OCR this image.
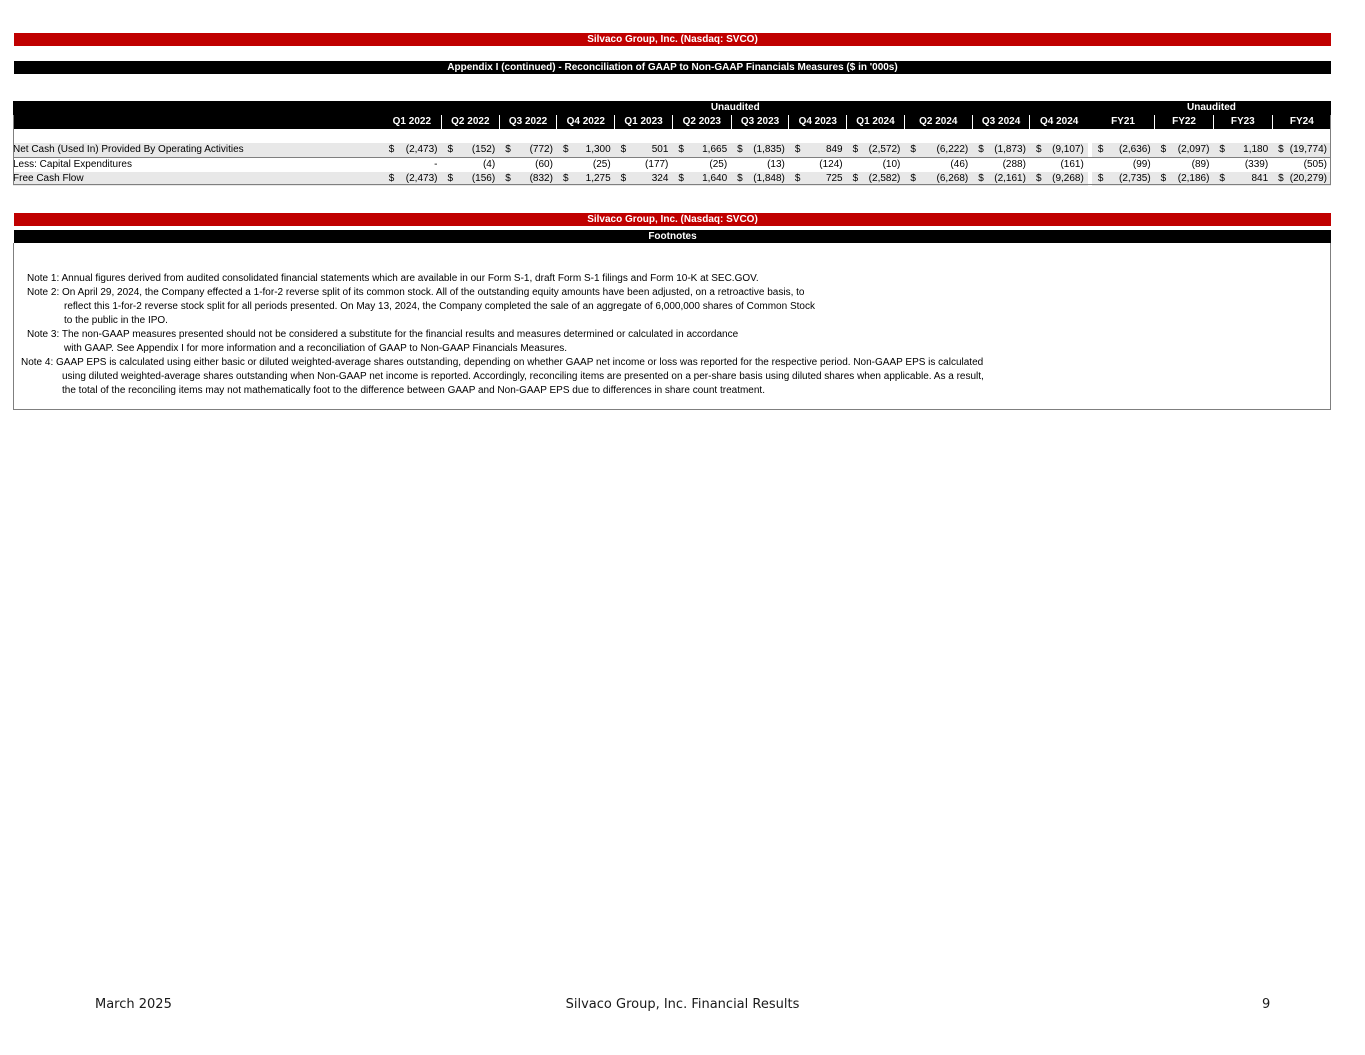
Silvaco Group, Inc. (Nasdaq: SVCO)
Appendix I (continued) - Reconciliation of GAAP to Non-GAAP Financials Measures ($ in '000s)
	Unaudited													Unaudited			
	Q1 2022	Q2 2022	Q3 2022	Q4 2022	Q1 2023	Q2 2023	Q3 2023	Q4 2023	Q1 2024	Q2 2024	Q3 2024	Q4 2024		FY21	FY22	FY23	FY24

Net Cash (Used In) Provided By Operating Activities	$ (2,473)	$ (152)	$ (772)	$ 1,300	$ 501	$ 1,665	$ (1,835)	$ 849	$ (2,572)	$ (6,222)	$ (1,873)	$ (9,107)		$ (2,636)	$ (2,097)	$ 1,180	$ (19,774)

Less: Capital Expenditures	-	(4)	(60)	(25)	(177)	(25)	(13)	(124)	(10)	(46)	(288)	(161)		(99)	(89)	(339)	(505)

Free Cash Flow	$ (2,473)	$ (156)	$ (832)	$ 1,275	$ 324	$ 1,640	$ (1,848)	$ 725	$ (2,582)	$ (6,268)	$ (2,161)	$ (9,268)		$ (2,735)	$ (2,186)	$ 841	$ (20,279)
Silvaco Group, Inc. (Nasdaq: SVCO)
Footnotes
Note 1: Annual figures derived from audited consolidated financial statements which are available in our Form S-1, draft Form S-1 filings and Form 10-K at SEC.GOV.
Note 2: On April 29, 2024, the Company effected a 1-for-2 reverse split of its common stock. All of the outstanding equity amounts have been adjusted, on a retroactive basis, to
reflect this 1-for-2 reverse stock split for all periods presented. On May 13, 2024, the Company completed the sale of an aggregate of 6,000,000 shares of Common Stock
to the public in the IPO.
Note 3: The non-GAAP measures presented should not be considered a substitute for the financial results and measures determined or calculated in accordance
with GAAP. See Appendix I for more information and a reconciliation of GAAP to Non-GAAP Financials Measures.
Note 4: GAAP EPS is calculated using either basic or diluted weighted-average shares outstanding, depending on whether GAAP net income or loss was reported for the respective period. Non-GAAP EPS is calculated
using diluted weighted-average shares outstanding when Non-GAAP net income is reported. Accordingly, reconciling items are presented on a per-share basis using diluted shares when applicable. As a result,
the total of the reconciling items may not mathematically foot to the difference between GAAP and Non-GAAP EPS due to differences in share count treatment.
March 2025	Silvaco Group, Inc. Financial Results	9
